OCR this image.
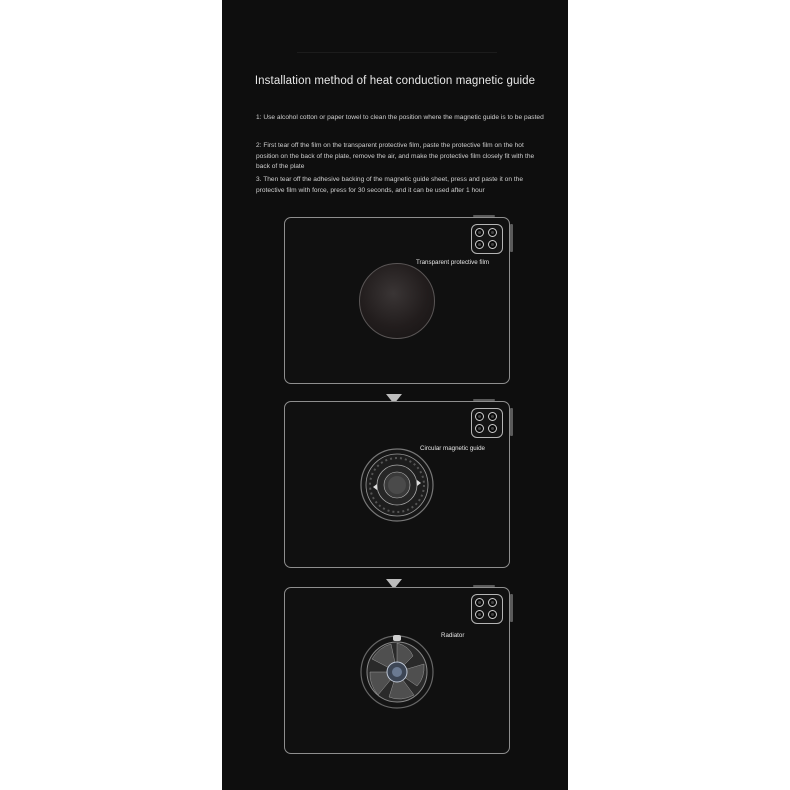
Installation method of heat conduction magnetic guide
1: Use alcohol cotton or paper towel to clean the position where the magnetic guide is to be pasted
2: First tear off the film on the transparent protective film, paste the protective film on the hot position on the back of the plate, remove the air, and make the protective film closely fit with the back of the plate
3. Then tear off the adhesive backing of the magnetic guide sheet, press and paste it on the protective film with force, press for 30 seconds, and it can be used after 1 hour
Transparent protective film
Circular magnetic guide
Radiator
